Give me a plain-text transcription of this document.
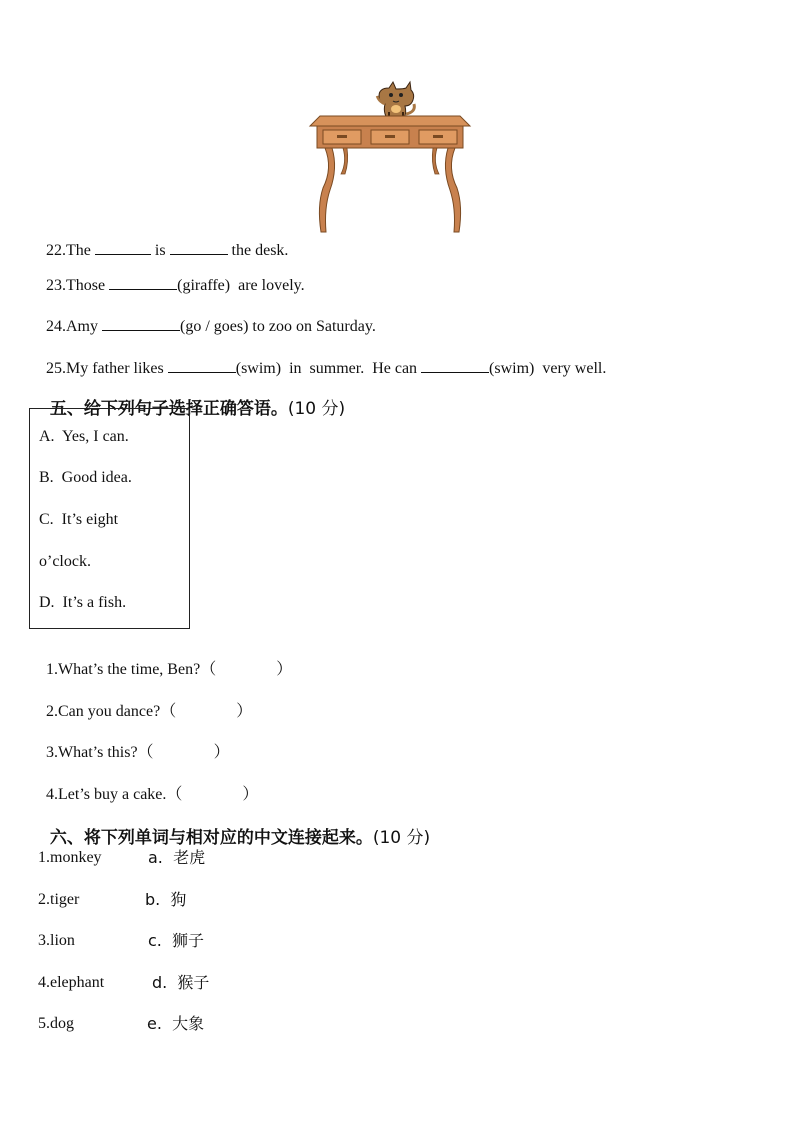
22.The	is	the desk.

23.Those	(giraffe)  are lovely.

24.Amy	(go / goes) to zoo on Saturday.

25.My father likes	(swim)  in  summer.  He can	(swim)  very well.

五、给下列句子选择正确答语。(10 分)

A.  Yes, I can.
B.  Good idea.
C.  It’s eight
o’clock.
D.  It’s a fish.

1.What’s the time, Ben?（	）

2.Can you dance?（	）

3.What’s this?（	）

4.Let’s buy a cake.（	）

六、将下列单词与相对应的中文连接起来。(10 分)

1.monkey	a.  老虎
2.tiger	b.  狗
3.lion	c.  狮子
4.elephant	d.  猴子
5.dog	e.  大象
